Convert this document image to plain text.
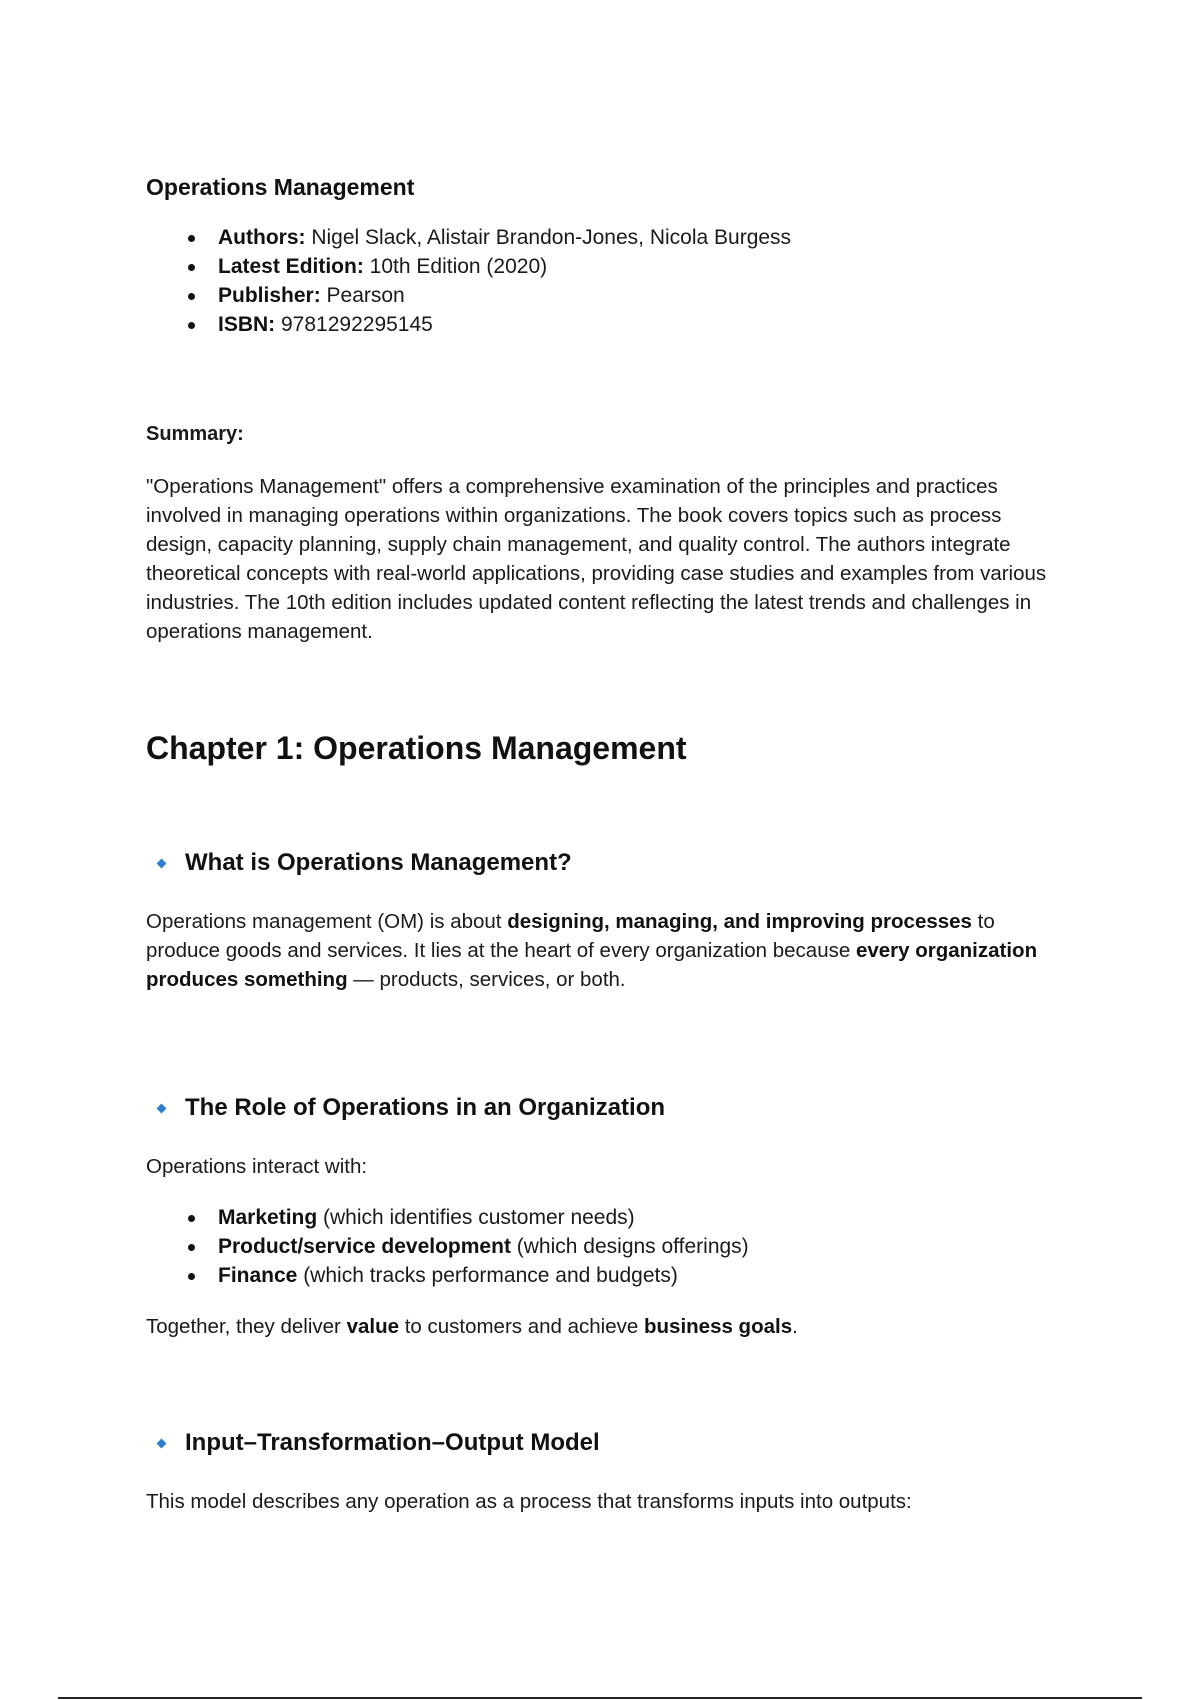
Operations Management
Authors: Nigel Slack, Alistair Brandon-Jones, Nicola Burgess
Latest Edition: 10th Edition (2020)
Publisher: Pearson
ISBN: 9781292295145
Summary:

"Operations Management" offers a comprehensive examination of the principles and practices involved in managing operations within organizations. The book covers topics such as process design, capacity planning, supply chain management, and quality control. The authors integrate theoretical concepts with real-world applications, providing case studies and examples from various industries. The 10th edition includes updated content reflecting the latest trends and challenges in operations management.

Chapter 1: Operations Management
What is Operations Management?

Operations management (OM) is about designing, managing, and improving processes to produce goods and services. It lies at the heart of every organization because every organization produces something — products, services, or both.

The Role of Operations in an Organization

Operations interact with:

Marketing (which identifies customer needs)
Product/service development (which designs offerings)
Finance (which tracks performance and budgets)

Together, they deliver value to customers and achieve business goals.

Input–Transformation–Output Model

This model describes any operation as a process that transforms inputs into outputs:
